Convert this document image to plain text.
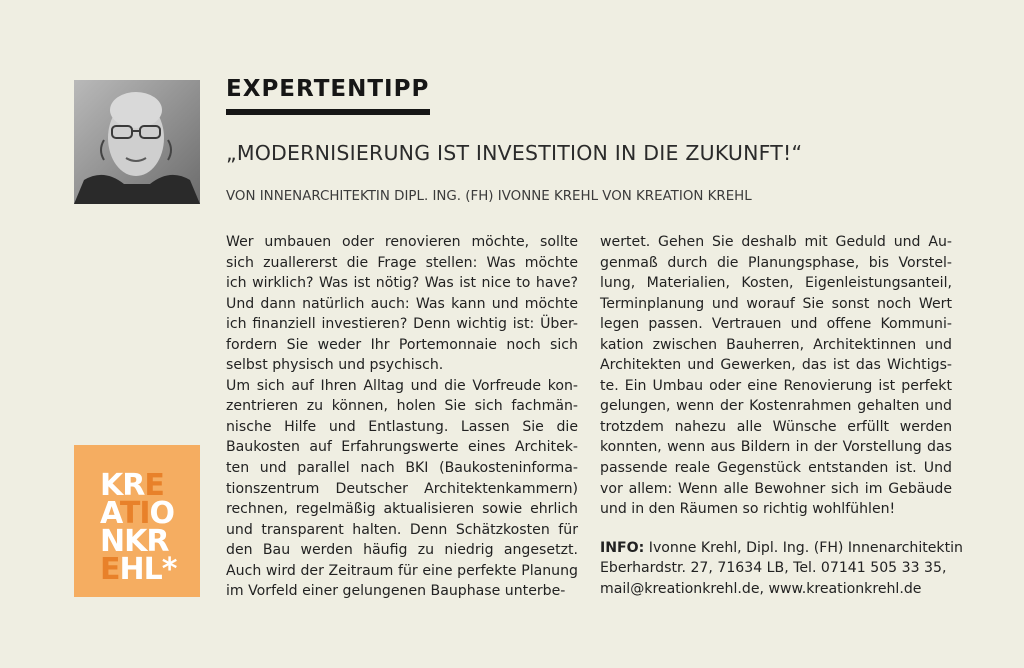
EXPERTENTIPP
„MODERNISIERUNG IST INVESTITION IN DIE ZUKUNFT!“
VON INNENARCHITEKTIN DIPL. ING. (FH) IVONNE KREHL VON KREATION KREHL
Wer umbauen oder renovieren möchte, sollte
sich zuallererst die Frage stellen: Was möchte
ich wirklich? Was ist nötig? Was ist nice to have?
Und dann natürlich auch: Was kann und möchte
ich finanziell investieren? Denn wichtig ist: Über-
fordern Sie weder Ihr Portemonnaie noch sich
selbst physisch und psychisch.
Um sich auf Ihren Alltag und die Vorfreude kon-
zentrieren zu können, holen Sie sich fachmän-
nische Hilfe und Entlastung. Lassen Sie die
Baukosten auf Erfahrungswerte eines Architek-
ten und parallel nach BKI (Baukosteninforma-
tionszentrum Deutscher Architektenkammern)
rechnen, regelmäßig aktualisieren sowie ehrlich
und transparent halten. Denn Schätzkosten für
den Bau werden häufig zu niedrig angesetzt.
Auch wird der Zeitraum für eine perfekte Planung
im Vorfeld einer gelungenen Bauphase unterbe-
wertet. Gehen Sie deshalb mit Geduld und Au-
genmaß durch die Planungsphase, bis Vorstel-
lung, Materialien, Kosten, Eigenleistungsanteil,
Terminplanung und worauf Sie sonst noch Wert
legen passen. Vertrauen und offene Kommuni-
kation zwischen Bauherren, Architektinnen und
Architekten und Gewerken, das ist das Wichtigs-
te. Ein Umbau oder eine Renovierung ist perfekt
gelungen, wenn der Kostenrahmen gehalten und
trotzdem nahezu alle Wünsche erfüllt werden
konnten, wenn aus Bildern in der Vorstellung das
passende reale Gegenstück entstanden ist. Und
vor allem: Wenn alle Bewohner sich im Gebäude
und in den Räumen so richtig wohlfühlen!
INFO: Ivonne Krehl, Dipl. Ing. (FH) Innenarchitektin
Eberhardstr. 27, 71634 LB, Tel. 07141 505 33 35,
mail@kreationkrehl.de, www.kreationkrehl.de
KRE
ATIO
NKR
EHL*
